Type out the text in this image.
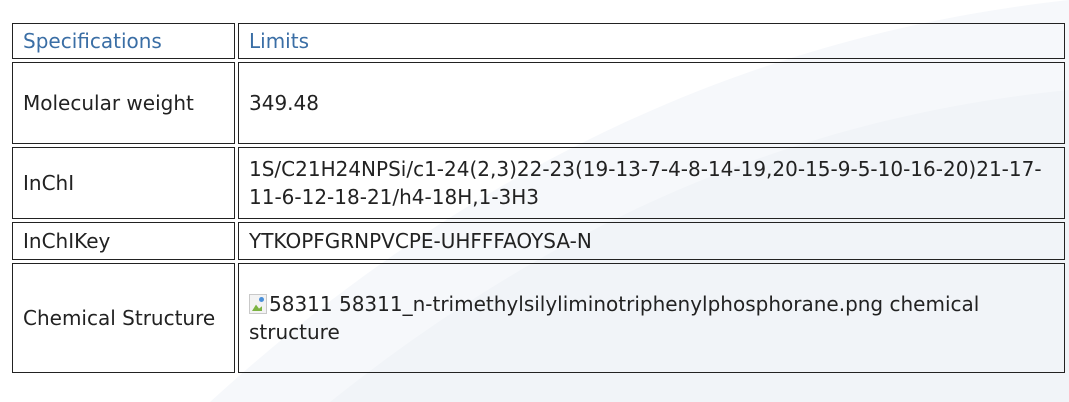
Specifications	Limits
Molecular weight	349.48
InChI	1S/C21H24NPSi/c1-24(2,3)22-23(19-13-7-4-8-14-19,20-15-9-5-10-16-20)21-17-11-6-12-18-21/h4-18H,1-3H3
InChIKey	YTKOPFGRNPVCPE-UHFFFAOYSA-N
Chemical Structure	58311 58311_n-trimethylsilyliminotriphenylphosphorane.png chemical structure
